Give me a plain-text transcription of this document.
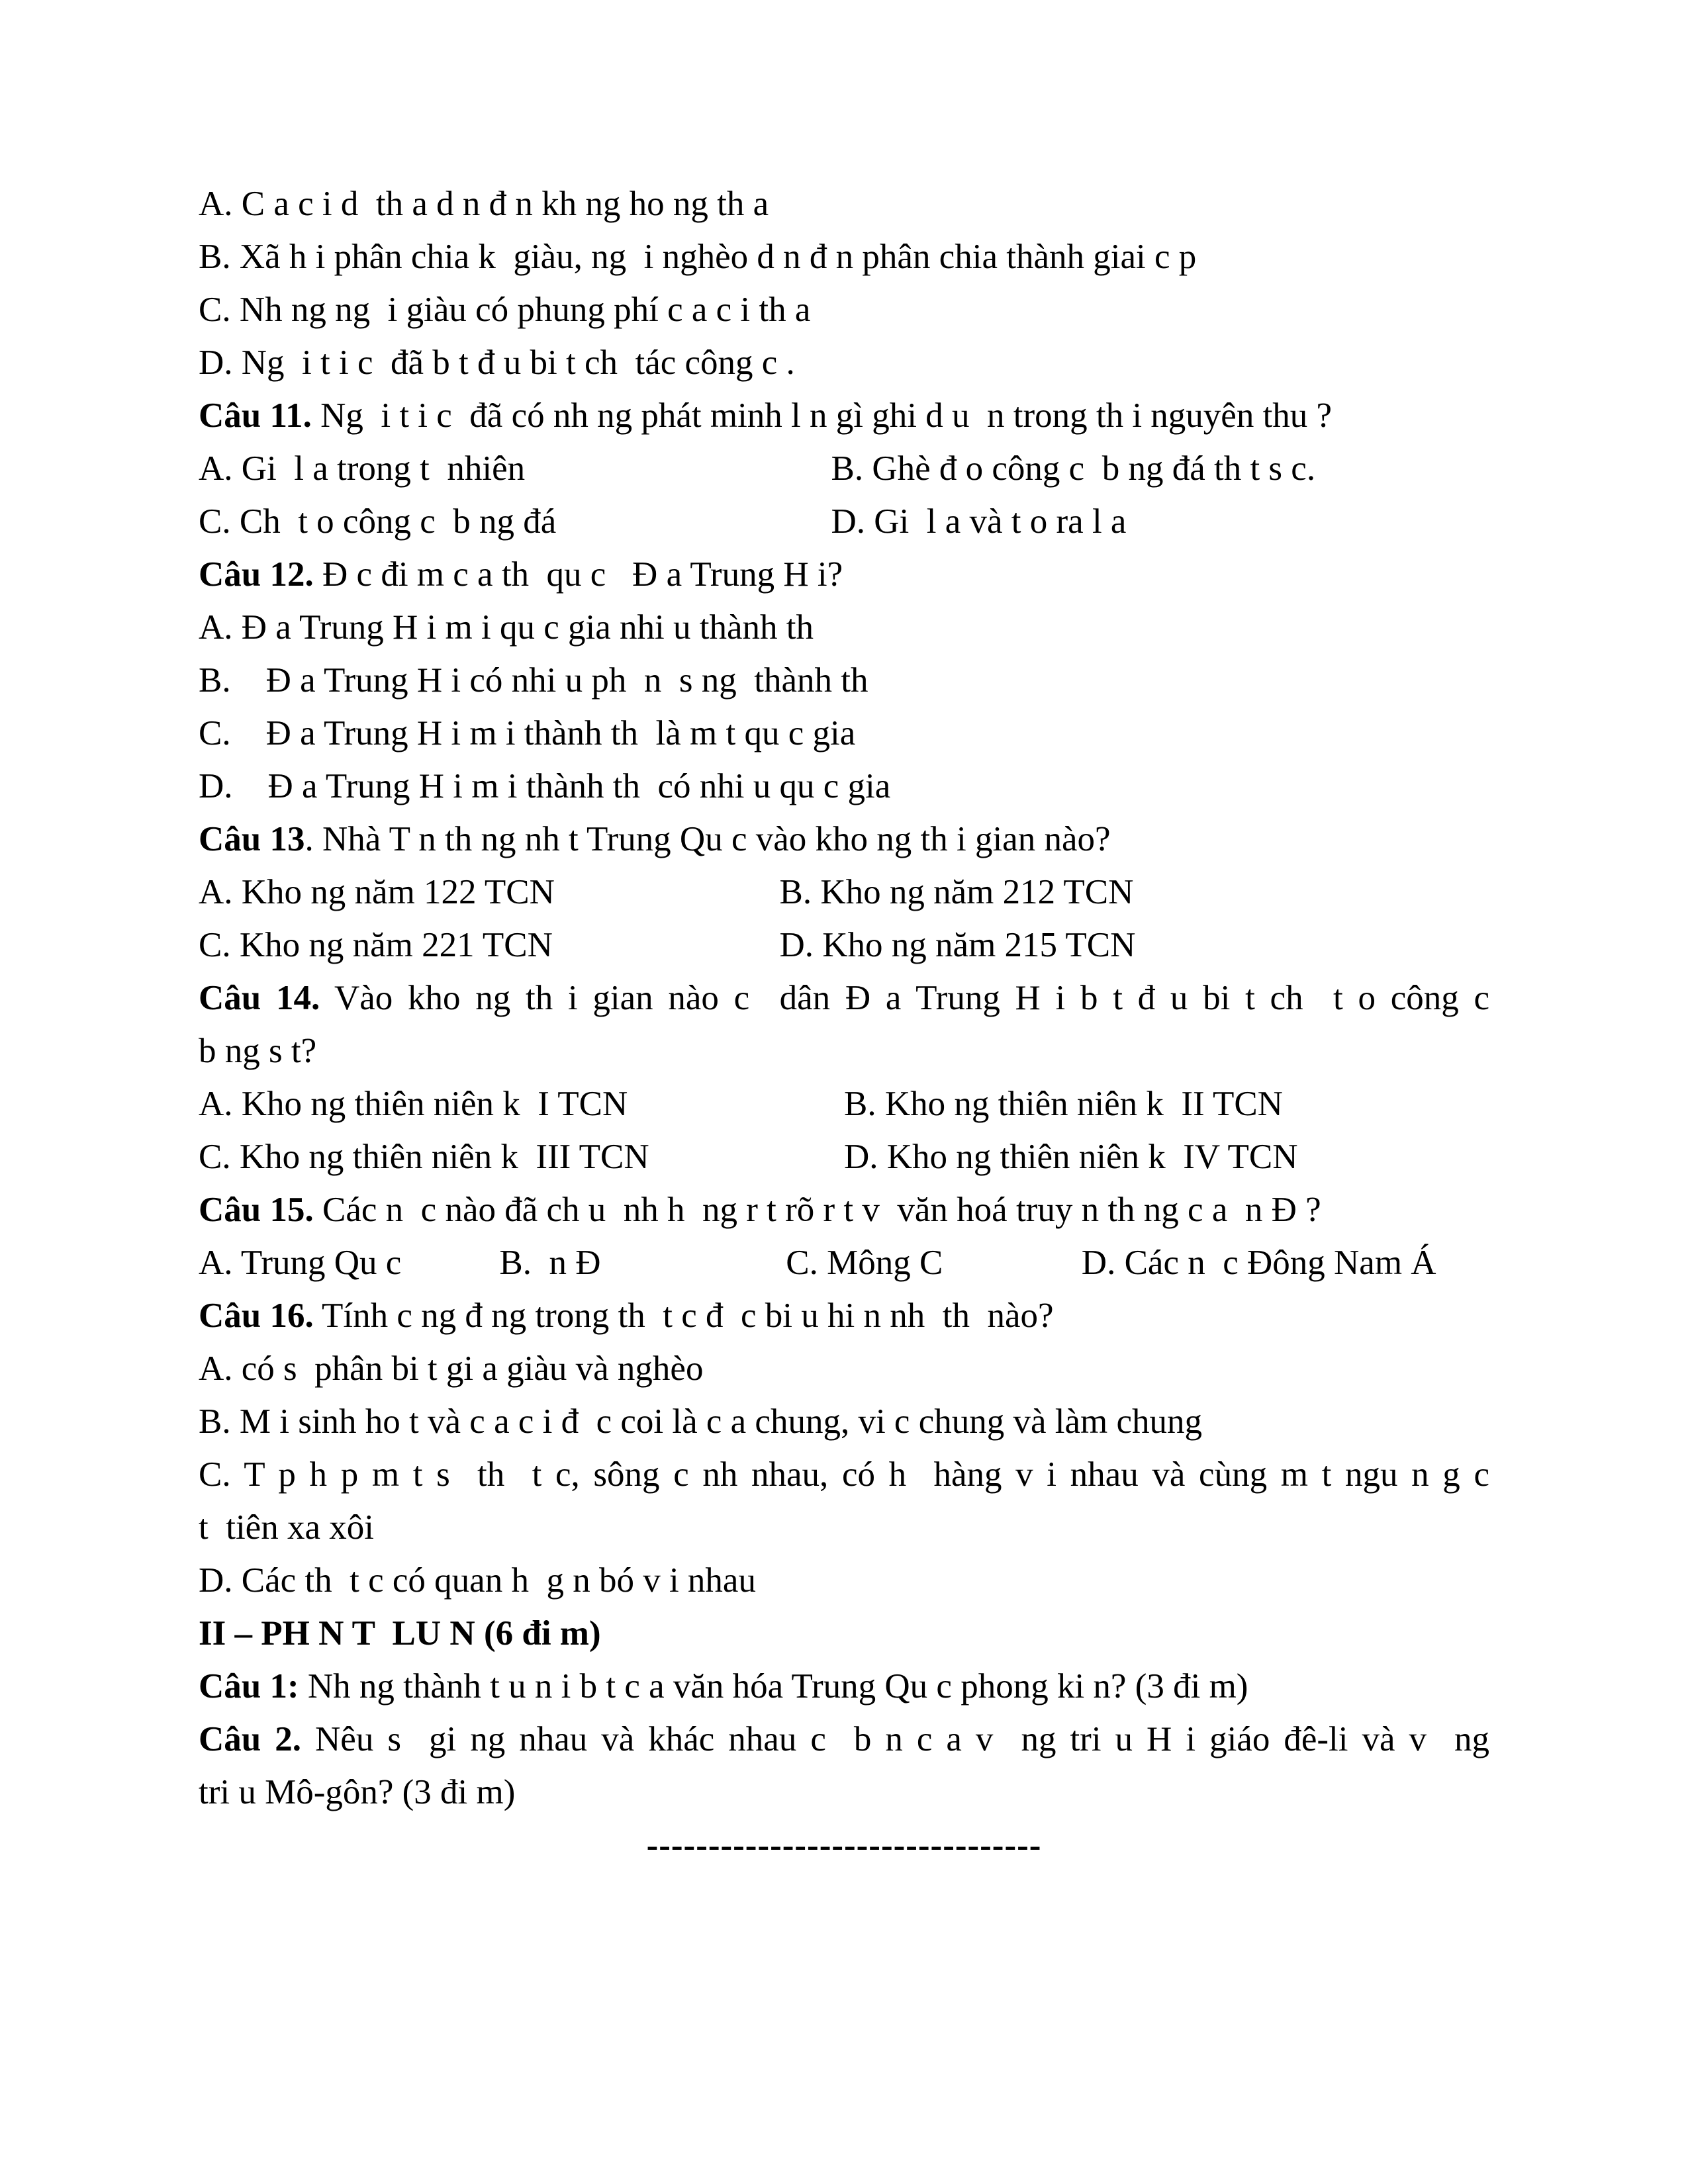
A. C a c i d  th a d n đ n kh ng ho ng th a
B. Xã h i phân chia k  giàu, ng  i nghèo d n đ n phân chia thành giai c p
C. Nh ng ng  i giàu có phung phí c a c i th a
D. Ng  i t i c  đã b t đ u bi t ch  tác công c .
Câu 11. Ng  i t i c  đã có nh ng phát minh l n gì ghi d u  n trong th i nguyên thu ?
A. Gi  l a trong t  nhiên	B. Ghè đ o công c  b ng đá th t s c.
C. Ch  t o công c  b ng đá	D. Gi  l a và t o ra l a
Câu 12. Đ c đi m c a th  qu c   Đ a Trung H i?
A. Đ a Trung H i m i qu c gia nhi u thành th
B.    Đ a Trung H i có nhi u ph  n  s ng  thành th
C.    Đ a Trung H i m i thành th  là m t qu c gia
D.    Đ a Trung H i m i thành th  có nhi u qu c gia
Câu 13. Nhà T n th ng nh t Trung Qu c vào kho ng th i gian nào?
A. Kho ng năm 122 TCN	B. Kho ng năm 212 TCN
C. Kho ng năm 221 TCN	D. Kho ng năm 215 TCN
Câu 14. Vào kho ng th i gian nào c  dân Đ a Trung H i b t đ u bi t ch  t o công c
b ng s t?
A. Kho ng thiên niên k  I TCN	B. Kho ng thiên niên k  II TCN
C. Kho ng thiên niên k  III TCN	D. Kho ng thiên niên k  IV TCN
Câu 15. Các n  c nào đã ch u  nh h  ng r t rõ r t v  văn hoá truy n th ng c a  n Đ ?
A. Trung Qu c	B.  n Đ	C. Mông C	D. Các n  c Đông Nam Á
Câu 16. Tính c ng đ ng trong th  t c đ  c bi u hi n nh  th  nào?
A. có s  phân bi t gi a giàu và nghèo
B. M i sinh ho t và c a c i đ  c coi là c a chung, vi c chung và làm chung
C. T p h p m t s  th  t c, sông c nh nhau, có h  hàng v i nhau và cùng m t ngu n g c
t  tiên xa xôi
D. Các th  t c có quan h  g n bó v i nhau
II – PH N T  LU N (6 đi m)
Câu 1: Nh ng thành t u n i b t c a văn hóa Trung Qu c phong ki n? (3 đi m)
Câu 2. Nêu s  gi ng nhau và khác nhau c  b n c a v  ng tri u H i giáo đê-li và v  ng
tri u Mô-gôn? (3 đi m)
--------------------------------
